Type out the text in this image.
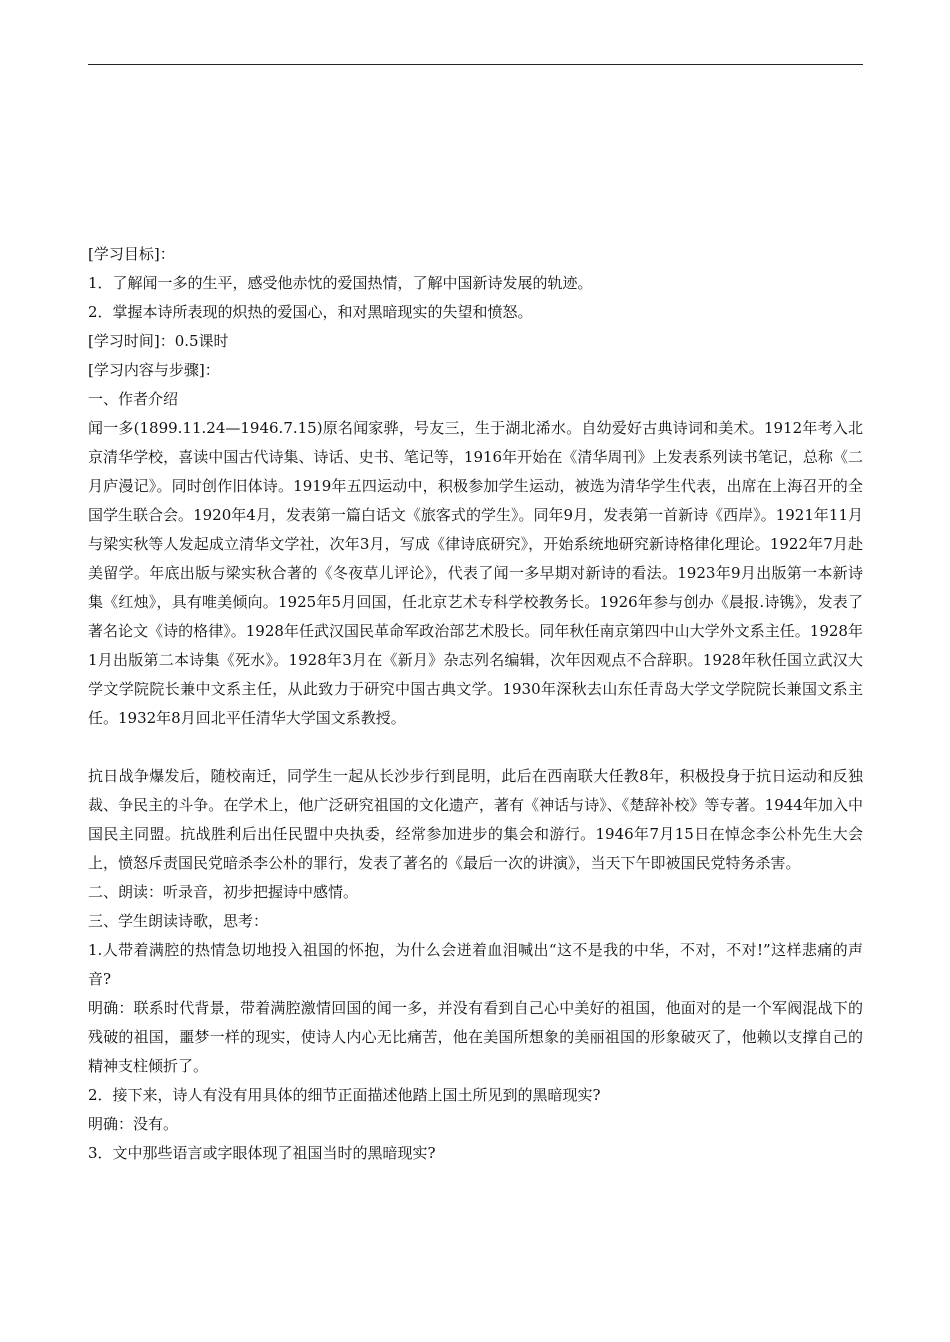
[学习目标]：
1．了解闻一多的生平，感受他赤忱的爱国热情，了解中国新诗发展的轨迹。
2．掌握本诗所表现的炽热的爱国心，和对黑暗现实的失望和愤怒。
[学习时间]：0.5课时
[学习内容与步骤]：
一、作者介绍

闻一多(1899.11.24—1946.7.15)原名闻家骅，号友三，生于湖北浠水。自幼爱好古典诗词和美术。1912年考入北京清华学校，喜读中国古代诗集、诗话、史书、笔记等，1916年开始在《清华周刊》上发表系列读书笔记，总称《二月庐漫记》。同时创作旧体诗。1919年五四运动中，积极参加学生运动，被选为清华学生代表，出席在上海召开的全国学生联合会。1920年4月，发表第一篇白话文《旅客式的学生》。同年9月，发表第一首新诗《西岸》。1921年11月与梁实秋等人发起成立清华文学社，次年3月，写成《律诗底研究》，开始系统地研究新诗格律化理论。1922年7月赴美留学。年底出版与梁实秋合著的《冬夜草儿评论》，代表了闻一多早期对新诗的看法。1923年9月出版第一本新诗集《红烛》，具有唯美倾向。1925年5月回国，任北京艺术专科学校教务长。1926年参与创办《晨报.诗镌》，发表了著名论文《诗的格律》。1928年任武汉国民革命军政治部艺术股长。同年秋任南京第四中山大学外文系主任。1928年1月出版第二本诗集《死水》。1928年3月在《新月》杂志列名编辑，次年因观点不合辞职。1928年秋任国立武汉大学文学院院长兼中文系主任，从此致力于研究中国古典文学。1930年深秋去山东任青岛大学文学院院长兼国文系主任。1932年8月回北平任清华大学国文系教授。

抗日战争爆发后，随校南迁，同学生一起从长沙步行到昆明，此后在西南联大任教8年，积极投身于抗日运动和反独裁、争民主的斗争。在学术上，他广泛研究祖国的文化遗产，著有《神话与诗》、《楚辞补校》等专著。1944年加入中国民主同盟。抗战胜利后出任民盟中央执委，经常参加进步的集会和游行。1946年7月15日在悼念李公朴先生大会上，愤怒斥责国民党暗杀李公朴的罪行，发表了著名的《最后一次的讲演》，当天下午即被国民党特务杀害。

二、朗读：听录音，初步把握诗中感情。
三、学生朗读诗歌，思考：

1.人带着满腔的热情急切地投入祖国的怀抱，为什么会迸着血泪喊出“这不是我的中华，不对，不对!”这样悲痛的声音?

明确：联系时代背景，带着满腔激情回国的闻一多，并没有看到自己心中美好的祖国，他面对的是一个军阀混战下的残破的祖国，噩梦一样的现实，使诗人内心无比痛苦，他在美国所想象的美丽祖国的形象破灭了，他赖以支撑自己的精神支柱倾折了。

2．接下来，诗人有没有用具体的细节正面描述他踏上国土所见到的黑暗现实?
明确：没有。
3．文中那些语言或字眼体现了祖国当时的黑暗现实?
